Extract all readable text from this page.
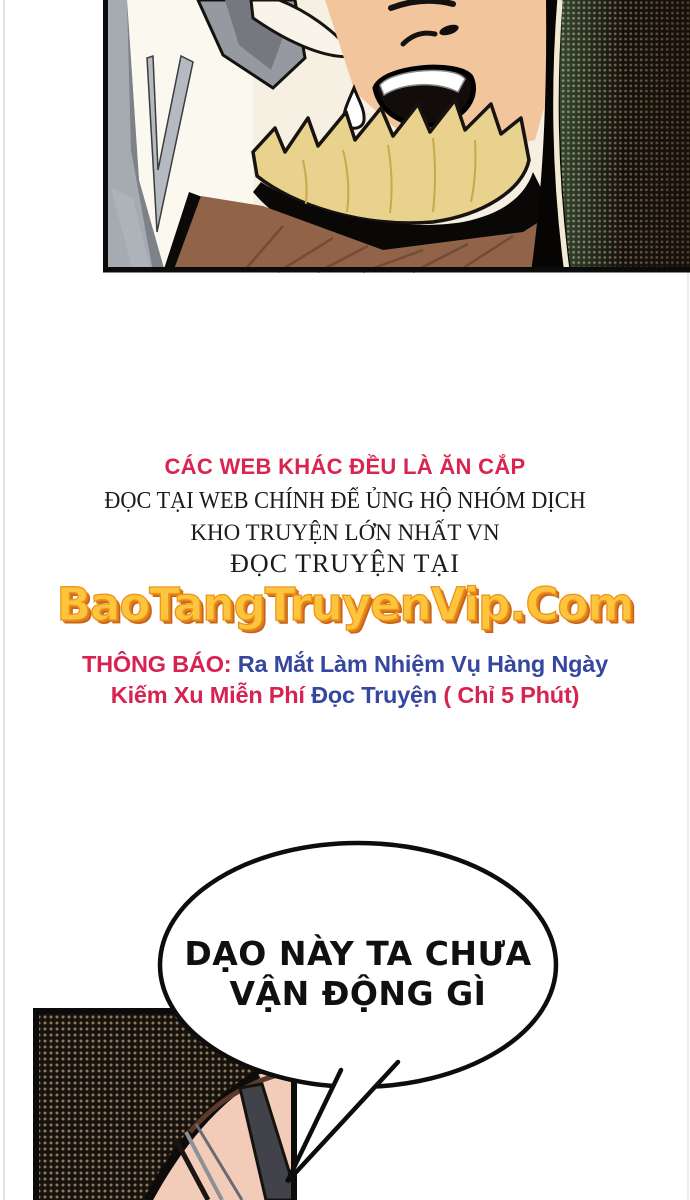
CÁC WEB KHÁC ĐỀU LÀ ĂN CẮP
ĐỌC TẠI WEB CHÍNH ĐỂ ỦNG HỘ NHÓM DỊCH
KHO TRUYỆN LỚN NHẤT VN
ĐỌC TRUYỆN TẠI
BaoTangTruyenVip.Com
THÔNG BÁO: Ra Mắt Làm Nhiệm Vụ Hàng Ngày
Kiếm Xu Miễn Phí Đọc Truyện ( Chỉ 5 Phút)
DẠO NÀY TA CHƯA
VẬN ĐỘNG GÌ
